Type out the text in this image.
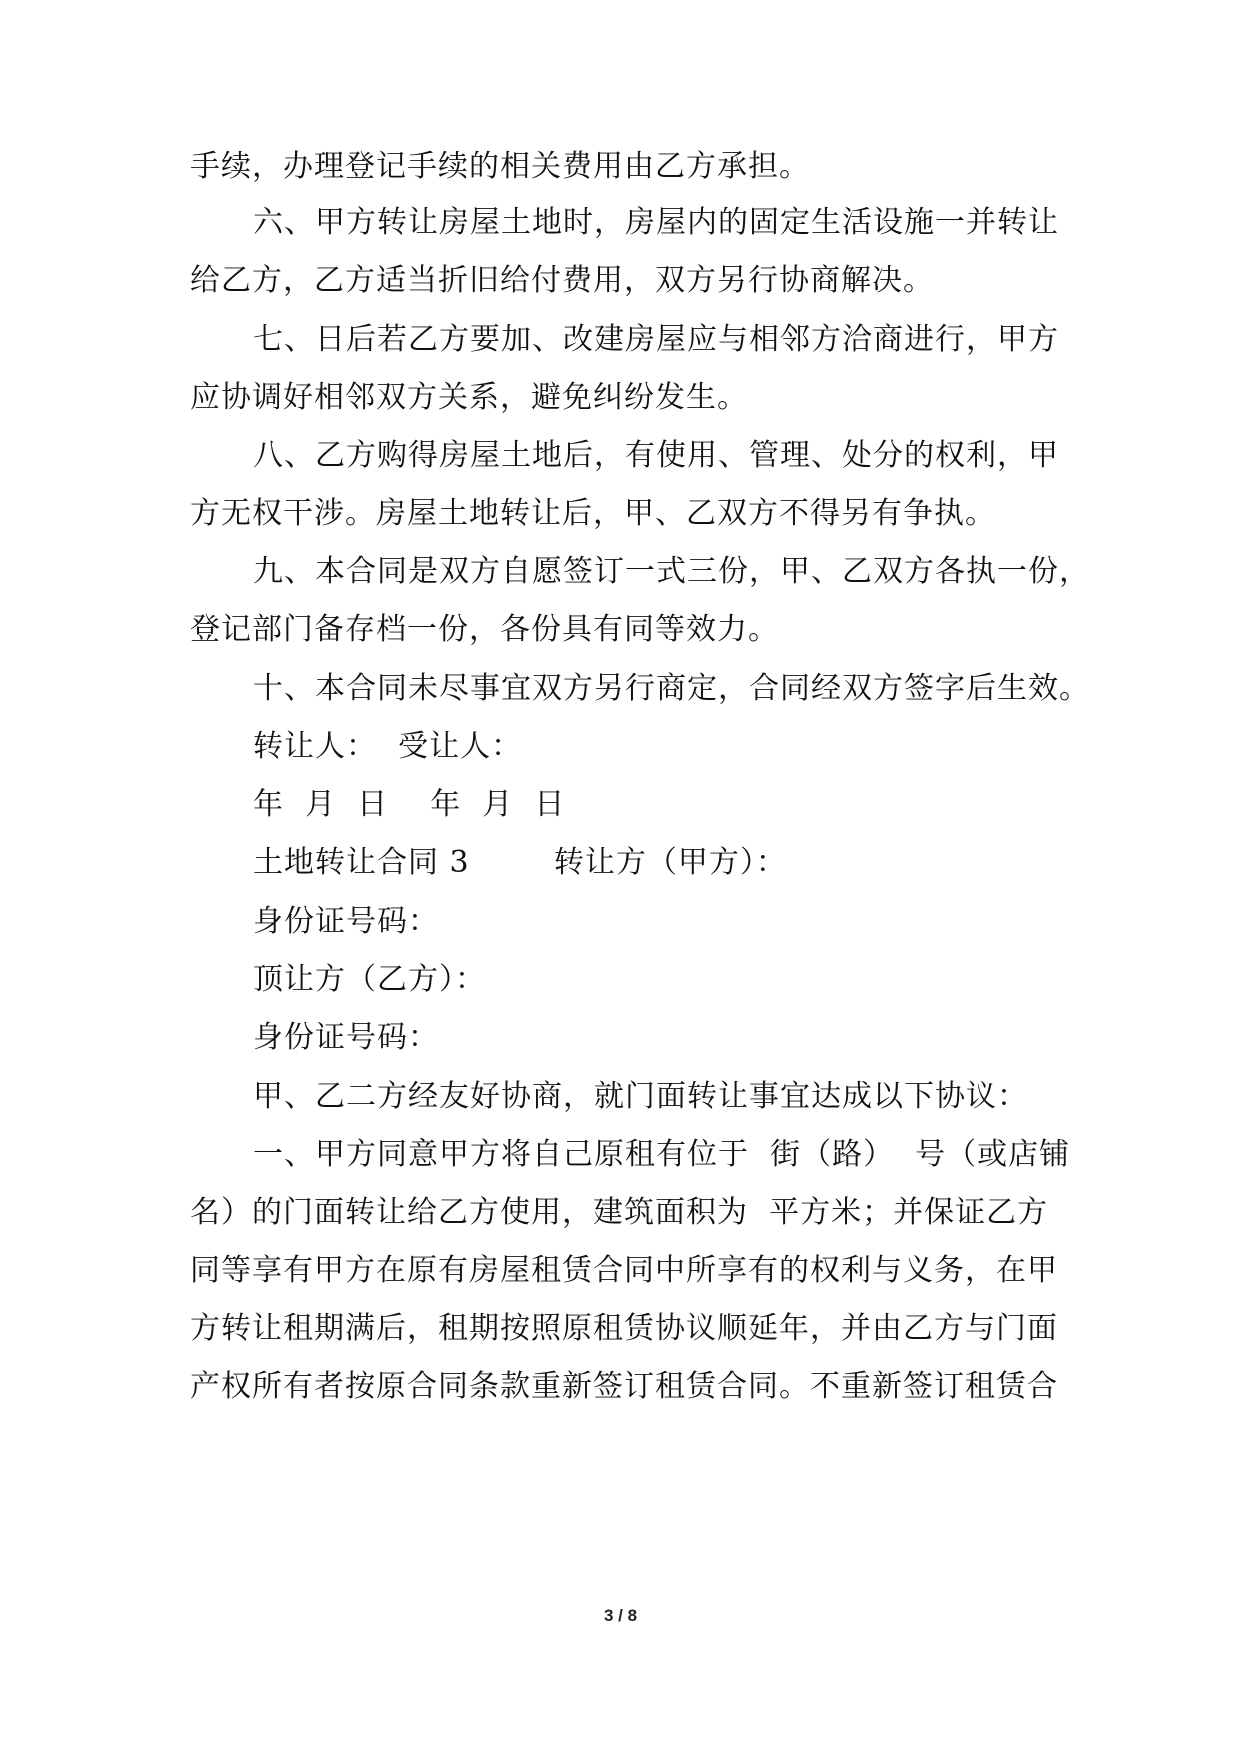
手续，办理登记手续的相关费用由乙方承担。
六、甲方转让房屋土地时，房屋内的固定生活设施一并转让
给乙方，乙方适当折旧给付费用，双方另行协商解决。
七、日后若乙方要加、改建房屋应与相邻方洽商进行，甲方
应协调好相邻双方关系，避免纠纷发生。
八、乙方购得房屋土地后，有使用、管理、处分的权利，甲
方无权干涉。房屋土地转让后，甲、乙双方不得另有争执。
九、本合同是双方自愿签订一式三份，甲、乙双方各执一份，
登记部门备存档一份，各份具有同等效力。
十、本合同未尽事宜双方另行商定，合同经双方签字后生效。
转让人：  受让人：
年  月  日    年  月  日
土地转让合同 3        转让方（甲方）：
身份证号码：
顶让方（乙方）：
身份证号码：
甲、乙二方经友好协商，就门面转让事宜达成以下协议：
一、甲方同意甲方将自己原租有位于  街（路）  号（或店铺
名）的门面转让给乙方使用，建筑面积为  平方米；并保证乙方
同等享有甲方在原有房屋租赁合同中所享有的权利与义务，在甲
方转让租期满后，租期按照原租赁协议顺延年，并由乙方与门面
产权所有者按原合同条款重新签订租赁合同。不重新签订租赁合
3 / 8
